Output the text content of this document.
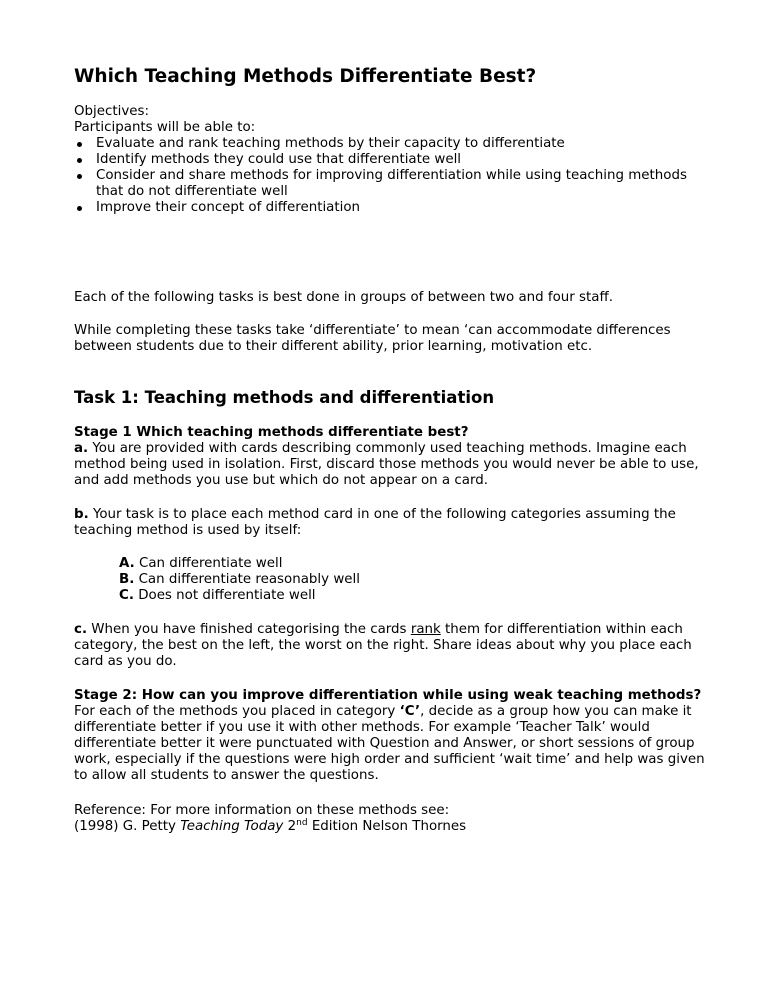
Which Teaching Methods Differentiate Best?

Objectives:

Participants will be able to:

Evaluate and rank teaching methods by their capacity to differentiate
Identify methods they could use that differentiate well
Consider and share methods for improving differentiation while using teaching methods that do not differentiate well
Improve their concept of differentiation

Each of the following tasks is best done in groups of between two and four staff.

While completing these tasks take ‘differentiate’ to mean ‘can accommodate differences between students due to their different ability, prior learning, motivation etc.

Task 1: Teaching methods and differentiation

Stage 1 Which teaching methods differentiate best?

a. You are provided with cards describing commonly used teaching methods. Imagine each method being used in isolation. First, discard those methods you would never be able to use, and add methods you use but which do not appear on a card.

b. Your task is to place each method card in one of the following categories assuming the teaching method is used by itself:

A. Can differentiate well

B. Can differentiate reasonably well

C. Does not differentiate well

c. When you have finished categorising the cards rank them for differentiation within each category, the best on the left, the worst on the right. Share ideas about why you place each card as you do.

Stage 2: How can you improve differentiation while using weak teaching methods?

For each of the methods you placed in category ‘C’, decide as a group how you can make it differentiate better if you use it with other methods. For example ‘Teacher Talk’ would differentiate better it were punctuated with Question and Answer, or short sessions of group work, especially if the questions were high order and sufficient ‘wait time’ and help was given to allow all students to answer the questions.

Reference: For more information on these methods see:

(1998) G. Petty Teaching Today 2nd Edition Nelson Thornes
